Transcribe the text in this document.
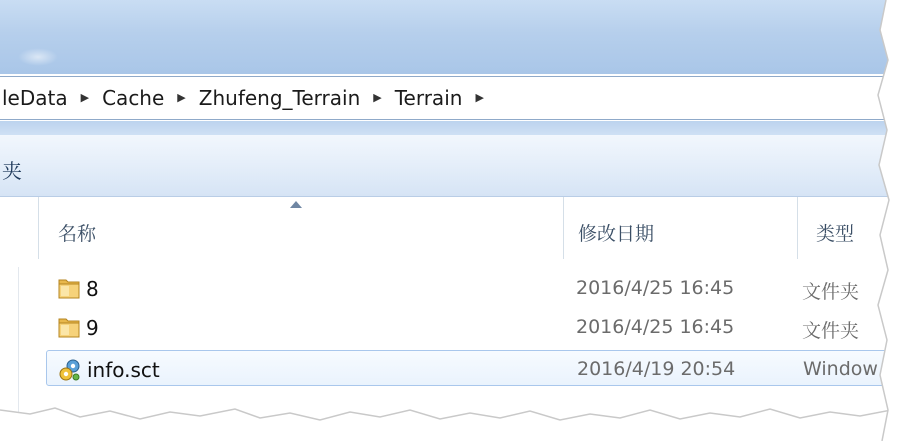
leData ▶ Cache ▶ Zhufeng_Terrain ▶ Terrain ▶
夹
名称	修改日期	类型
8	2016/4/25 16:45	文件夹
9	2016/4/25 16:45	文件夹
info.sct	2016/4/19 20:54	Window
